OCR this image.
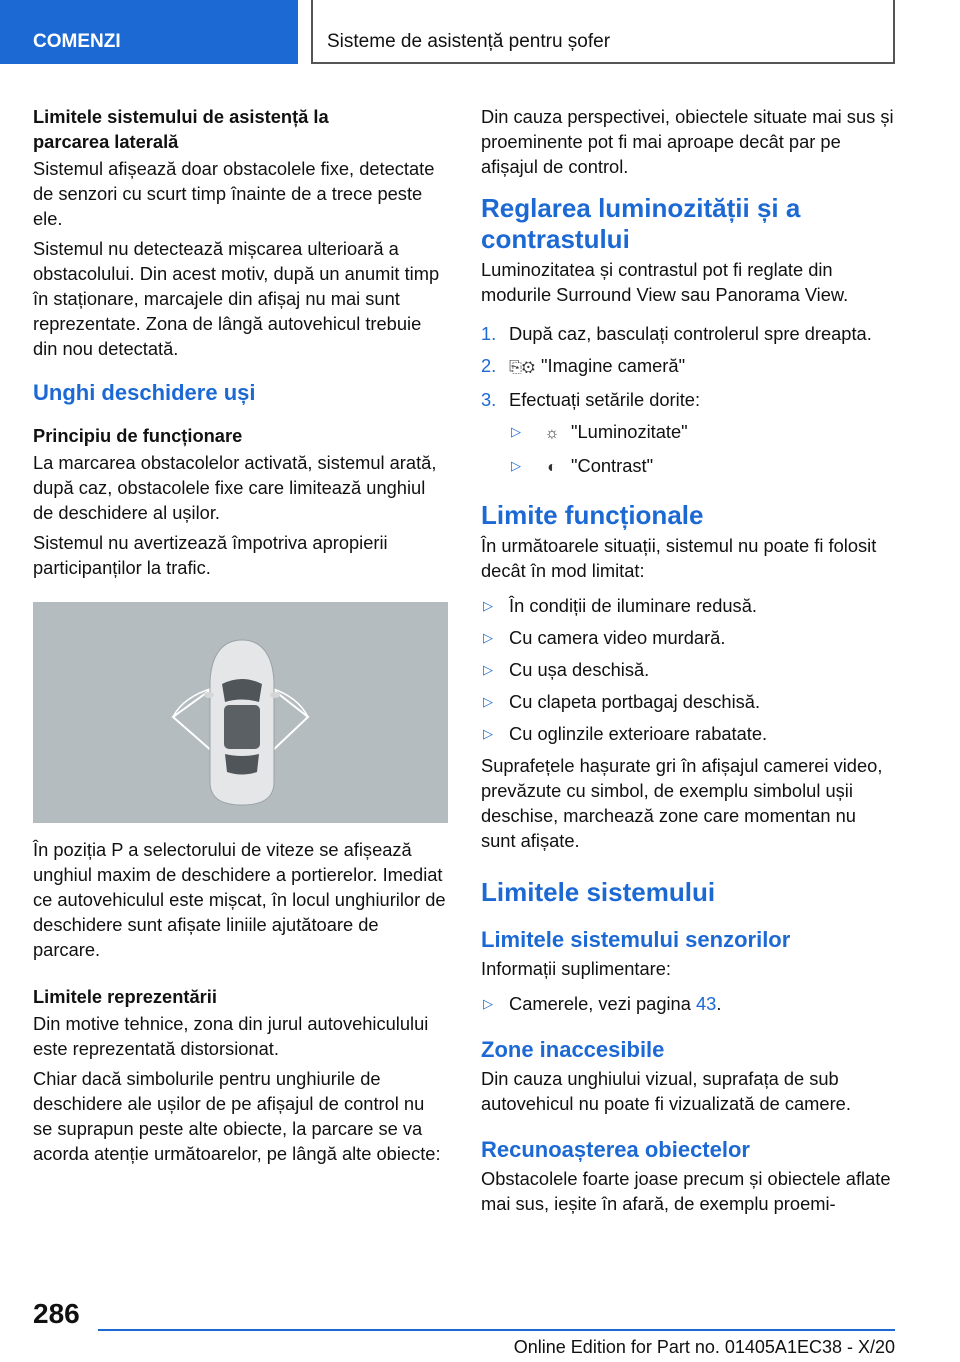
COMENZI	Sisteme de asistență pentru șofer
Limitele sistemului de asistență la parcarea laterală

Sistemul afișează doar obstacolele fixe, detectate de senzori cu scurt timp înainte de a trece peste ele.

Sistemul nu detectează mișcarea ulterioară a obstacolului. Din acest motiv, după un anumit timp în staționare, marcajele din afișaj nu mai sunt reprezentate. Zona de lângă autovehicul trebuie din nou detectată.

Unghi deschidere uși
Principiu de funcționare

La marcarea obstacolelor activată, sistemul arată, după caz, obstacolele fixe care limitează unghiul de deschidere al ușilor.

Sistemul nu avertizează împotriva apropierii participanților la trafic.

În poziția P a selectorului de viteze se afișează unghiul maxim de deschidere a portierelor. Imediat ce autovehiculul este mișcat, în locul unghiurilor de deschidere sunt afișate liniile ajutătoare de parcare.

Limitele reprezentării

Din motive tehnice, zona din jurul autovehiculului este reprezentată distorsionat.

Chiar dacă simbolurile pentru unghiurile de deschidere ale ușilor de pe afișajul de control nu se suprapun peste alte obiecte, la parcare se va acorda atenție următoarelor, pe lângă alte obiecte:

Din cauza perspectivei, obiectele situate mai sus și proeminente pot fi mai aproape decât par pe afișajul de control.

Reglarea luminozității și a contrastului

Luminozitatea și contrastul pot fi reglate din modurile Surround View sau Panorama View.

1. După caz, basculați controlerul spre dreapta.
2. ⎘⚙ "Imagine cameră"
3. Efectuați setările dorite:
▷ ☼ "Luminozitate"
▷ ◐ "Contrast"
Limite funcționale

În următoarele situații, sistemul nu poate fi folosit decât în mod limitat:

▷ În condiții de iluminare redusă.
▷ Cu camera video murdară.
▷ Cu ușa deschisă.
▷ Cu clapeta portbagaj deschisă.
▷ Cu oglinzile exterioare rabatate.

Suprafețele hașurate gri în afișajul camerei video, prevăzute cu simbol, de exemplu simbolul ușii deschise, marchează zone care momentan nu sunt afișate.

Limitele sistemului
Limitele sistemului senzorilor

Informații suplimentare:

▷ Camerele, vezi pagina 43.
Zone inaccesibile

Din cauza unghiului vizual, suprafața de sub autovehicul nu poate fi vizualizată de camere.

Recunoașterea obiectelor

Obstacolele foarte joase precum și obiectele aflate mai sus, ieșite în afară, de exemplu proemi-

286
Online Edition for Part no. 01405A1EC38 - X/20
